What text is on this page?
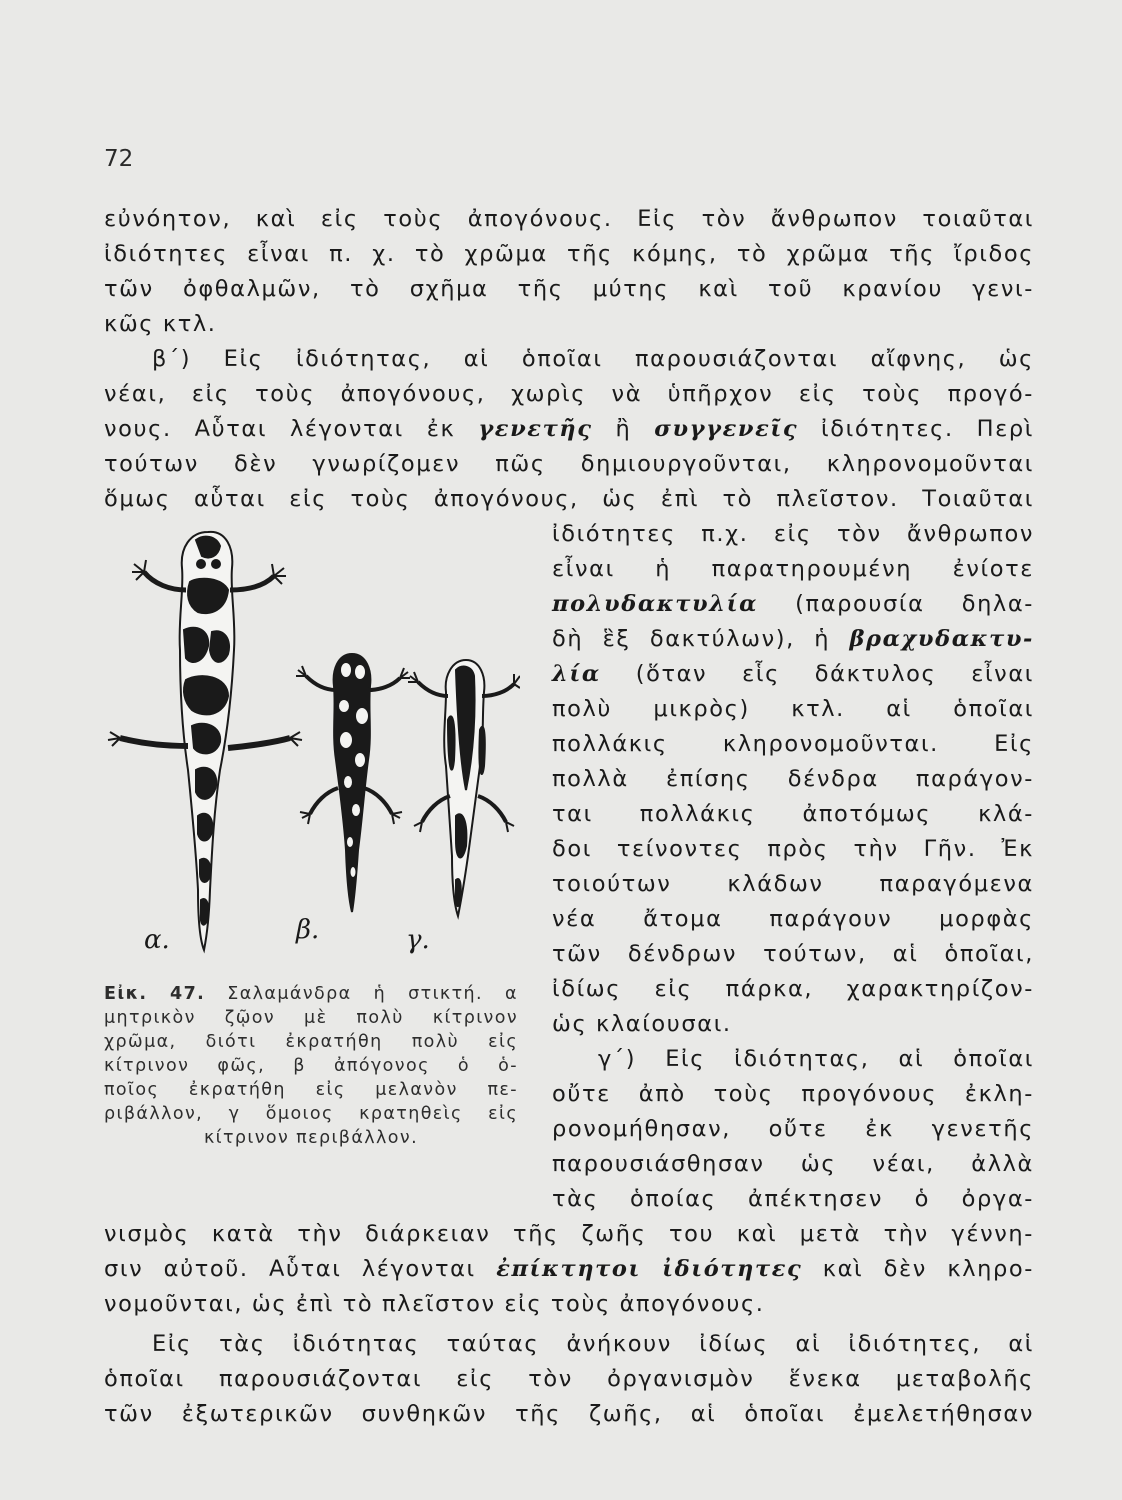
72
εὐνόητον, καὶ εἰς τοὺς ἀπογόνους. Εἰς τὸν ἄνθρωπον τοιαῦται
ἰδιότητες εἶναι π. χ. τὸ χρῶμα τῆς κόμης, τὸ χρῶμα τῆς ἴριδος
τῶν ὀφθαλμῶν, τὸ σχῆμα τῆς μύτης καὶ τοῦ κρανίου γενι-
κῶς κτλ.
β΄) Εἰς ἰδιότητας, αἱ ὁποῖαι παρουσιάζονται αἴφνης, ὡς
νέαι, εἰς τοὺς ἀπογόνους, χωρὶς νὰ ὑπῆρχον εἰς τοὺς προγό-
νους. Αὗται λέγονται ἐκ γενετῆς ἢ συγγενεῖς ἰδιότητες. Περὶ
τούτων δὲν γνωρίζομεν πῶς δημιουργοῦνται, κληρονομοῦνται
ὅμως αὗται εἰς τοὺς ἀπογόνους, ὡς ἐπὶ τὸ πλεῖστον. Τοιαῦται
ἰδιότητες π.χ. εἰς τὸν ἄνθρωπον
εἶναι ἡ παρατηρουμένη ἐνίοτε
πολυδακτυλία (παρουσία δηλα-
δὴ ἓξ δακτύλων), ἡ βραχυδακτυ-
λία (ὅταν εἷς δάκτυλος εἶναι
πολὺ μικρὸς) κτλ. αἱ ὁποῖαι
πολλάκις κληρονομοῦνται. Εἰς
πολλὰ ἐπίσης δένδρα παράγον-
ται πολλάκις ἀποτόμως κλά-
δοι τείνοντες πρὸς τὴν Γῆν. Ἐκ
τοιούτων κλάδων παραγόμενα
νέα ἄτομα παράγουν μορφὰς
τῶν δένδρων τούτων, αἱ ὁποῖαι,
ἰδίως εἰς πάρκα, χαρακτηρίζον-
ὡς κλαίουσαι.
γ΄) Εἰς ἰδιότητας, αἱ ὁποῖαι
οὔτε ἀπὸ τοὺς προγόνους ἐκλη-
ρονομήθησαν, οὔτε ἐκ γενετῆς
παρουσιάσθησαν ὡς νέαι, ἀλλὰ
τὰς ὁποίας ἀπέκτησεν ὁ ὀργα-
α.	β.	γ.
Εἰκ. 47. Σαλαμάνδρα ἡ στικτή. α
μητρικὸν ζῷον μὲ πολὺ κίτρινον
χρῶμα, διότι ἐκρατήθη πολὺ εἰς
κίτρινον φῶς, β ἀπόγονος ὁ ὁ-
ποῖος ἐκρατήθη εἰς μελανὸν πε-
ριβάλλον, γ ὅμοιος κρατηθεὶς εἰς
κίτρινον περιβάλλον.
νισμὸς κατὰ τὴν διάρκειαν τῆς ζωῆς του καὶ μετὰ τὴν γέννη-
σιν αὐτοῦ. Αὗται λέγονται ἐπίκτητοι ἰδιότητες καὶ δὲν κληρο-
νομοῦνται, ὡς ἐπὶ τὸ πλεῖστον εἰς τοὺς ἀπογόνους.
Εἰς τὰς ἰδιότητας ταύτας ἀνήκουν ἰδίως αἱ ἰδιότητες, αἱ
ὁποῖαι παρουσιάζονται εἰς τὸν ὀργανισμὸν ἕνεκα μεταβολῆς
τῶν ἐξωτερικῶν συνθηκῶν τῆς ζωῆς, αἱ ὁποῖαι ἐμελετήθησαν
